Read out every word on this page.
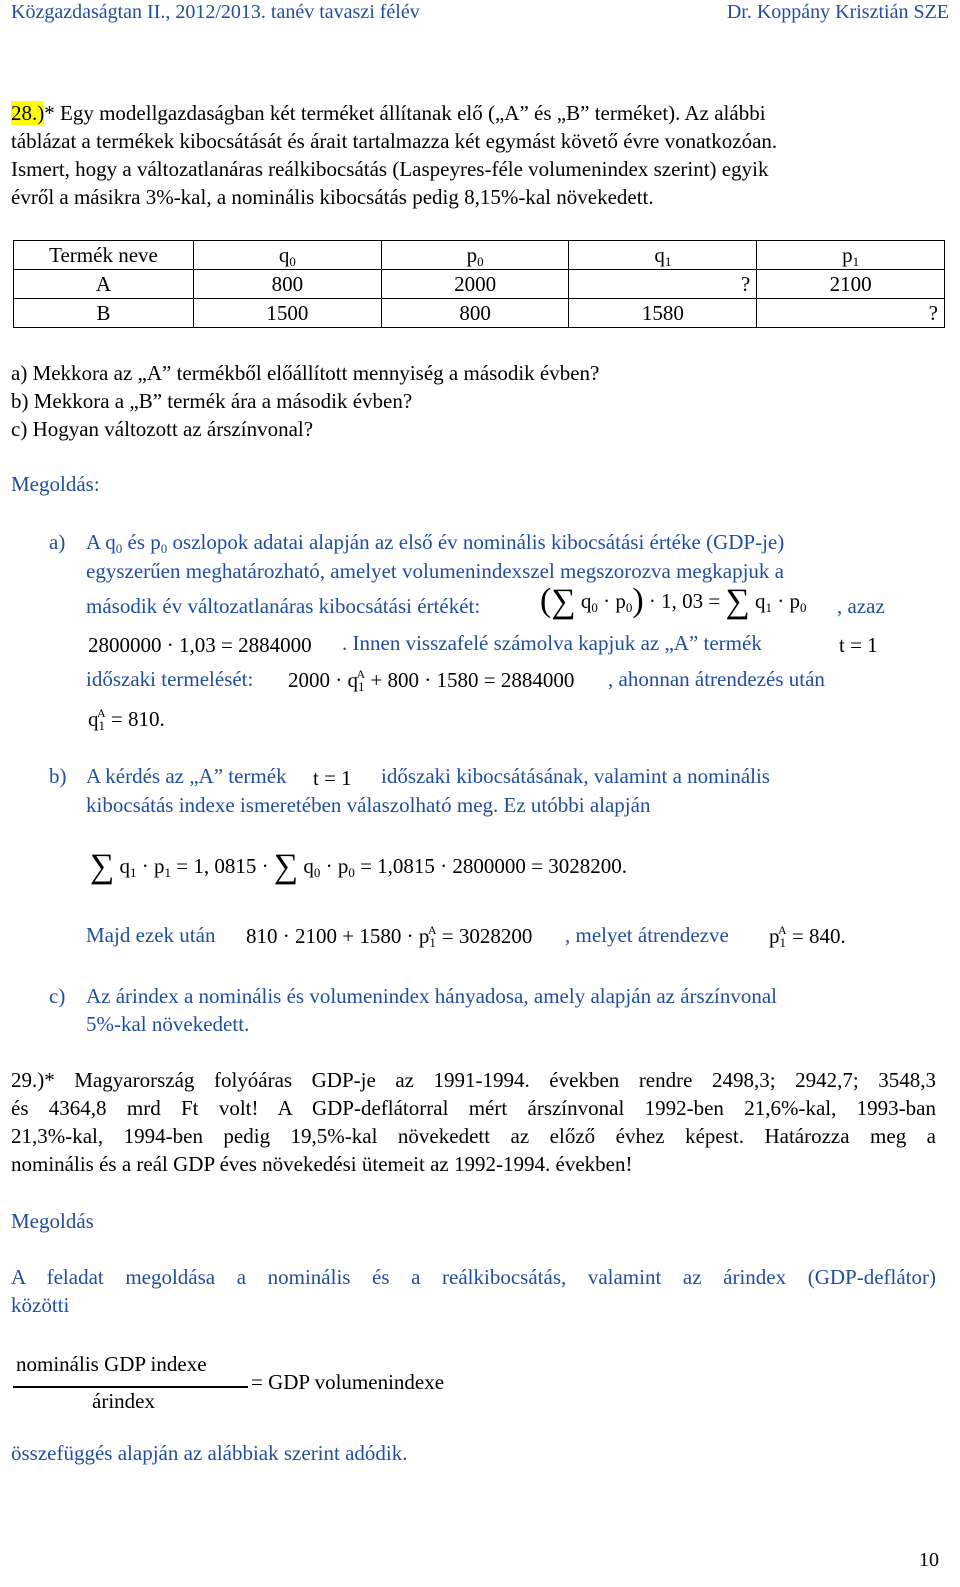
Közgazdaságtan II., 2012/2013. tanév tavaszi félév	Dr. Koppány Krisztián SZE
28.)* Egy modellgazdaságban két terméket állítanak elő („A” és „B” terméket). Az alábbi
táblázat a termékek kibocsátását és árait tartalmazza két egymást követő évre vonatkozóan.
Ismert, hogy a változatlanáras reálkibocsátás (Laspeyres-féle volumenindex szerint) egyik
évről a másikra 3%-kal, a nominális kibocsátás pedig 8,15%-kal növekedett.
Termék neve	q0	p0	q1	p1
A	800	2000	?	2100
B	1500	800	1580	?
a) Mekkora az „A” termékből előállított mennyiség a második évben?
b) Mekkora a „B” termék ára a második évben?
c) Hogyan változott az árszínvonal?
Megoldás:
a) A q0 és p0 oszlopok adatai alapján az első év nominális kibocsátási értéke (GDP-je)
egyszerűen meghatározható, amelyet volumenindexszel megszorozva megkapjuk a
második év változatlanáras kibocsátási értékét: (∑ q0 · p0) · 1, 03 = ∑ q1 · p0 , azaz
2800000 · 1,03 = 2884000 . Innen visszafelé számolva kapjuk az „A” termék	t = 1
időszaki termelését: $2000 \cdot q1^A + 800 \cdot 1580 = 2884000$ , ahonnan átrendezés után
$q1^A = 810$.
b) A kérdés az „A” termék t = 1 időszaki kibocsátásának, valamint a nominális
kibocsátás indexe ismeretében válaszolható meg. Ez utóbbi alapján
∑ q1 · p1 = 1, 0815 · ∑ q0 · p0 = 1,0815 · 2800000 = 3028200.
Majd ezek után $810 \cdot 2100 + 1580 \cdot p1^A = 3028200$ , melyet átrendezve $p1^A = 840$.
c) Az árindex a nominális és volumenindex hányadosa, amely alapján az árszínvonal
5%-kal növekedett.
29.)* Magyarország folyóáras GDP-je az 1991-1994. években rendre 2498,3; 2942,7; 3548,3
és 4364,8 mrd Ft volt! A GDP-deflátorral mért árszínvonal 1992-ben 21,6%-kal, 1993-ban
21,3%-kal, 1994-ben pedig 19,5%-kal növekedett az előző évhez képest. Határozza meg a
nominális és a reál GDP éves növekedési ütemeit az 1992-1994. években!
Megoldás
A feladat megoldása a nominális és a reálkibocsátás, valamint az árindex (GDP-deflátor)
közötti
nominális GDP indexe
árindex
= GDP volumenindexe
összefüggés alapján az alábbiak szerint adódik.
10
